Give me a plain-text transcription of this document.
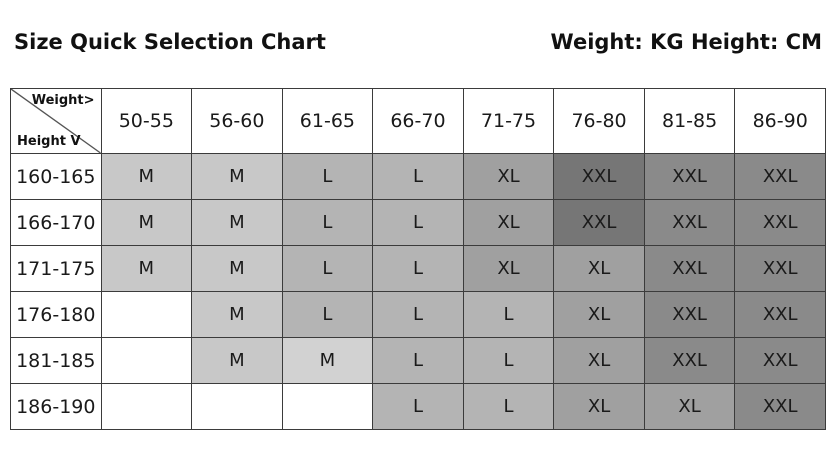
Size Quick Selection Chart	Weight: KG Height: CM
Weight>
Height V	50-55	56-60	61-65	66-70	71-75	76-80	81-85	86-90
160-165	M	M	L	L	XL	XXL	XXL	XXL
166-170	M	M	L	L	XL	XXL	XXL	XXL
171-175	M	M	L	L	XL	XL	XXL	XXL
176-180		M	L	L	L	XL	XXL	XXL
181-185		M	M	L	L	XL	XXL	XXL
186-190				L	L	XL	XL	XXL
